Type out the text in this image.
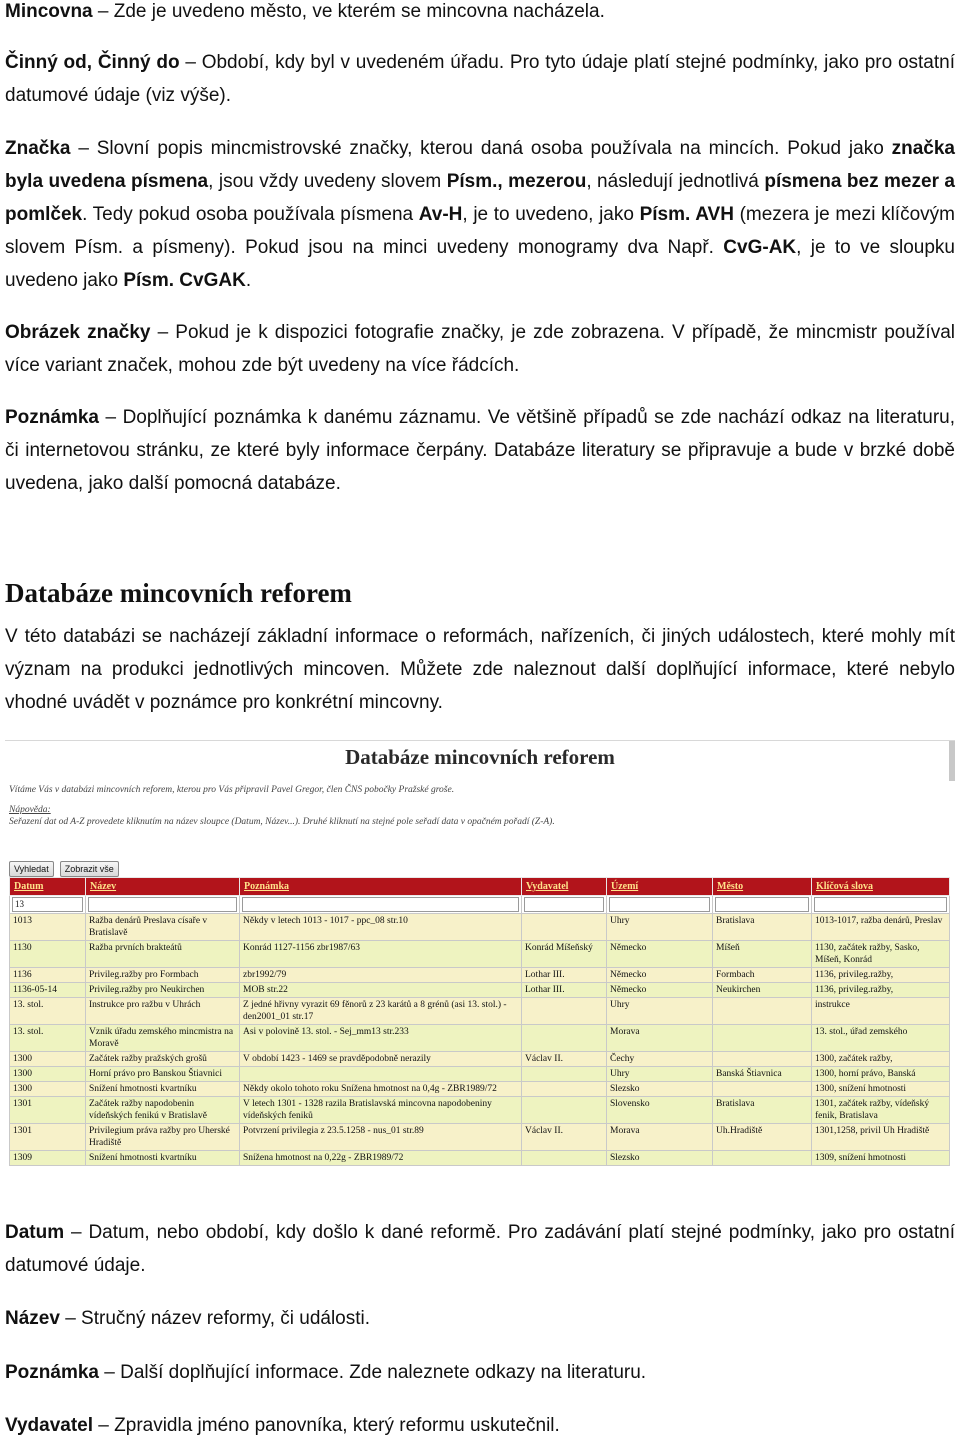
Mincovna – Zde je uvedeno město, ve kterém se mincovna nacházela.

Činný od, Činný do – Období, kdy byl v uvedeném úřadu. Pro tyto údaje platí stejné podmínky, jako pro ostatní datumové údaje (viz výše).

Značka – Slovní popis mincmistrovské značky, kterou daná osoba používala na mincích. Pokud jako značka byla uvedena písmena, jsou vždy uvedeny slovem Písm., mezerou, následují jednotlivá písmena bez mezer a pomlček. Tedy pokud osoba používala písmena Av-H, je to uvedeno, jako Písm. AVH (mezera je mezi klíčovým slovem Písm. a písmeny). Pokud jsou na minci uvedeny monogramy dva Např. CvG-AK, je to ve sloupku uvedeno jako Písm. CvGAK.

Obrázek značky – Pokud je k dispozici fotografie značky, je zde zobrazena. V případě, že mincmistr používal více variant značek, mohou zde být uvedeny na více řádcích.

Poznámka – Doplňující poznámka k danému záznamu. Ve většině případů se zde nachází odkaz na literaturu, či internetovou stránku, ze které byly informace čerpány. Databáze literatury se připravuje a bude v brzké době uvedena, jako další pomocná databáze.

Databáze mincovních reforem

V této databázi se nacházejí základní informace o reformách, nařízeních, či jiných událostech, které mohly mít význam na produkci jednotlivých mincoven. Můžete zde naleznout další doplňující informace, které nebylo vhodné uvádět v poznámce pro konkrétní mincovny.

Databáze mincovních reforem
Vítáme Vás v databázi mincovních reforem, kterou pro Vás připravil Pavel Gregor, člen ČNS pobočky Pražské groše.
Nápověda:
Seřazení dat od A-Z provedete kliknutím na název sloupce (Datum, Název...). Druhé kliknutí na stejné pole seřadí data v opačném pořadí (Z-A).
Vyhledat Zobrazit vše
Datum	Název	Poznámka	Vydavatel	Území	Město	Klíčová slova

13						

1013	Ražba denárů Preslava císaře v Bratislavě	Někdy v letech 1013 - 1017 - ppc_08 str.10		Uhry	Bratislava	1013-1017, ražba denárů, Preslav
1130	Ražba prvních brakteátů	Konrád 1127-1156 zbr1987/63	Konrád Míšeňský	Německo	Míšeň	1130, začátek ražby, Sasko, Míšeň, Konrád
1136	Privileg.ražby pro Formbach	zbr1992/79	Lothar III.	Německo	Formbach	1136, privileg.ražby,
1136-05-14	Privileg.ražby pro Neukirchen	MOB str.22	Lothar III.	Německo	Neukirchen	1136, privileg.ražby,
13. stol.	Instrukce pro ražbu v Uhrách	Z jedné hřivny vyrazit 69 fěnorů z 23 karátů a 8 grénů (asi 13. stol.) - den2001_01 str.17		Uhry		instrukce
13. stol.	Vznik úřadu zemského mincmistra na Moravě	Asi v polovině 13. stol. - Sej_mm13 str.233		Morava		13. stol., úřad zemského
1300	Začátek ražby pražských grošů	V období 1423 - 1469 se pravděpodobně nerazily	Václav II.	Čechy		1300, začátek ražby,
1300	Horní právo pro Banskou Štiavnici			Uhry	Banská Štiavnica	1300, horní právo, Banská
1300	Snížení hmotnosti kvartníku	Někdy okolo tohoto roku Snížena hmotnost na 0,4g - ZBR1989/72		Slezsko		1300, snížení hmotnosti
1301	Začátek ražby napodobenin vídeňských fenikú v Bratislavě	V letech 1301 - 1328 razila Bratislavská mincovna napodobeniny vídeňských feniků		Slovensko	Bratislava	1301, začátek ražby, vídeňský fenik, Bratislava
1301	Privilegium práva ražby pro Uherské Hradiště	Potvrzení privilegia z 23.5.1258 - nus_01 str.89	Václav II.	Morava	Uh.Hradiště	1301,1258, privil Uh Hradiště
1309	Snížení hmotnosti kvartníku	Snížena hmotnost na 0,22g - ZBR1989/72		Slezsko		1309, snížení hmotnosti

Datum – Datum, nebo období, kdy došlo k dané reformě. Pro zadávání platí stejné podmínky, jako pro ostatní datumové údaje.

Název – Stručný název reformy, či události.

Poznámka – Další doplňující informace. Zde naleznete odkazy na literaturu.

Vydavatel – Zpravidla jméno panovníka, který reformu uskutečnil.
